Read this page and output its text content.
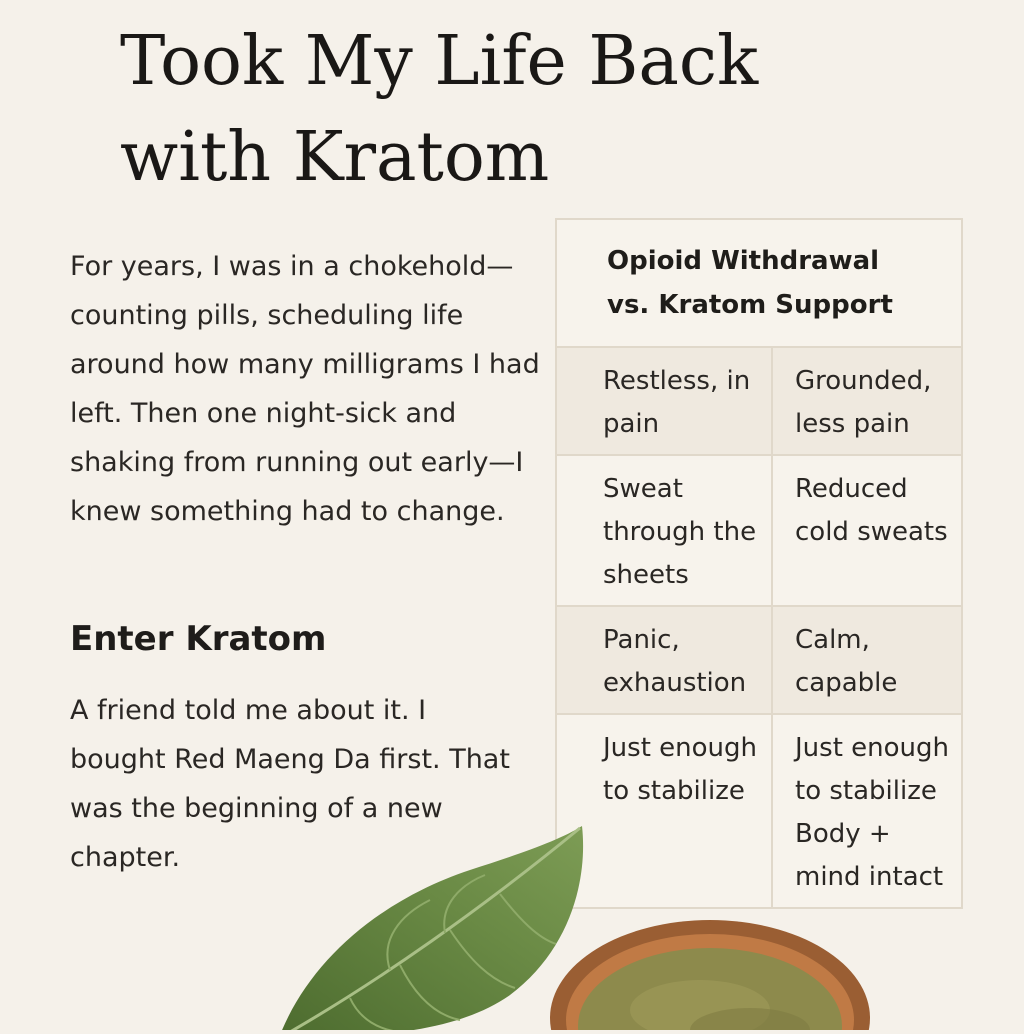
Took My Life Back
with Kratom

For years, I was in a chokehold—counting pills, scheduling life around how many milligrams I had left. Then one night-sick and shaking from running out early—I knew something had to change.

Enter Kratom

A friend told me about it. I bought Red Maeng Da first. That was the beginning of a new chapter.

Opioid Withdrawal
vs. Kratom Support	
Restless, in pain	Grounded, less pain
Sweat through the sheets	Reduced cold sweats
Panic, exhaustion	Calm, capable
Just enough to stabilize	Just enough to stabilize Body + mind intact
